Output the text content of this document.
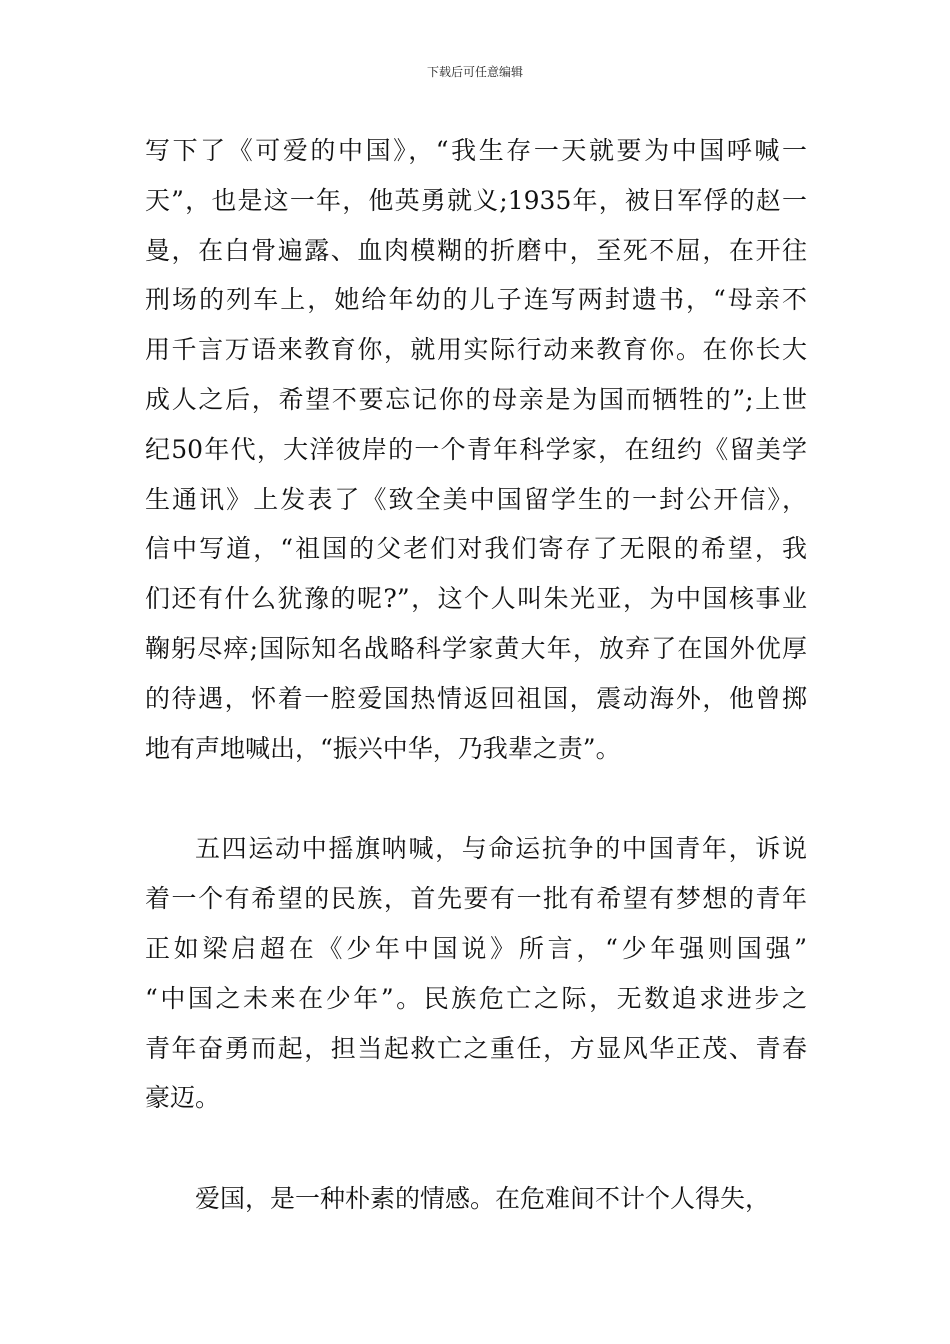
下载后可任意编辑

写下了《可爱的中国》，“我生存一天就要为中国呼喊一
天”，也是这一年，他英勇就义;1935年，被日军俘的赵一
曼，在白骨遍露、血肉模糊的折磨中，至死不屈，在开往
刑场的列车上，她给年幼的儿子连写两封遗书，“母亲不
用千言万语来教育你，就用实际行动来教育你。在你长大
成人之后，希望不要忘记你的母亲是为国而牺牲的”;上世
纪50年代，大洋彼岸的一个青年科学家，在纽约《留美学
生通讯》上发表了《致全美中国留学生的一封公开信》，
信中写道，“祖国的父老们对我们寄存了无限的希望，我
们还有什么犹豫的呢?”，这个人叫朱光亚，为中国核事业
鞠躬尽瘁;国际知名战略科学家黄大年，放弃了在国外优厚
的待遇，怀着一腔爱国热情返回祖国，震动海外，他曾掷
地有声地喊出，“振兴中华，乃我辈之责”。

五四运动中摇旗呐喊，与命运抗争的中国青年，诉说
着一个有希望的民族，首先要有一批有希望有梦想的青年
正如梁启超在《少年中国说》所言，“少年强则国强”
“中国之未来在少年”。民族危亡之际，无数追求进步之
青年奋勇而起，担当起救亡之重任，方显风华正茂、青春
豪迈。

爱国，是一种朴素的情感。在危难间不计个人得失，
